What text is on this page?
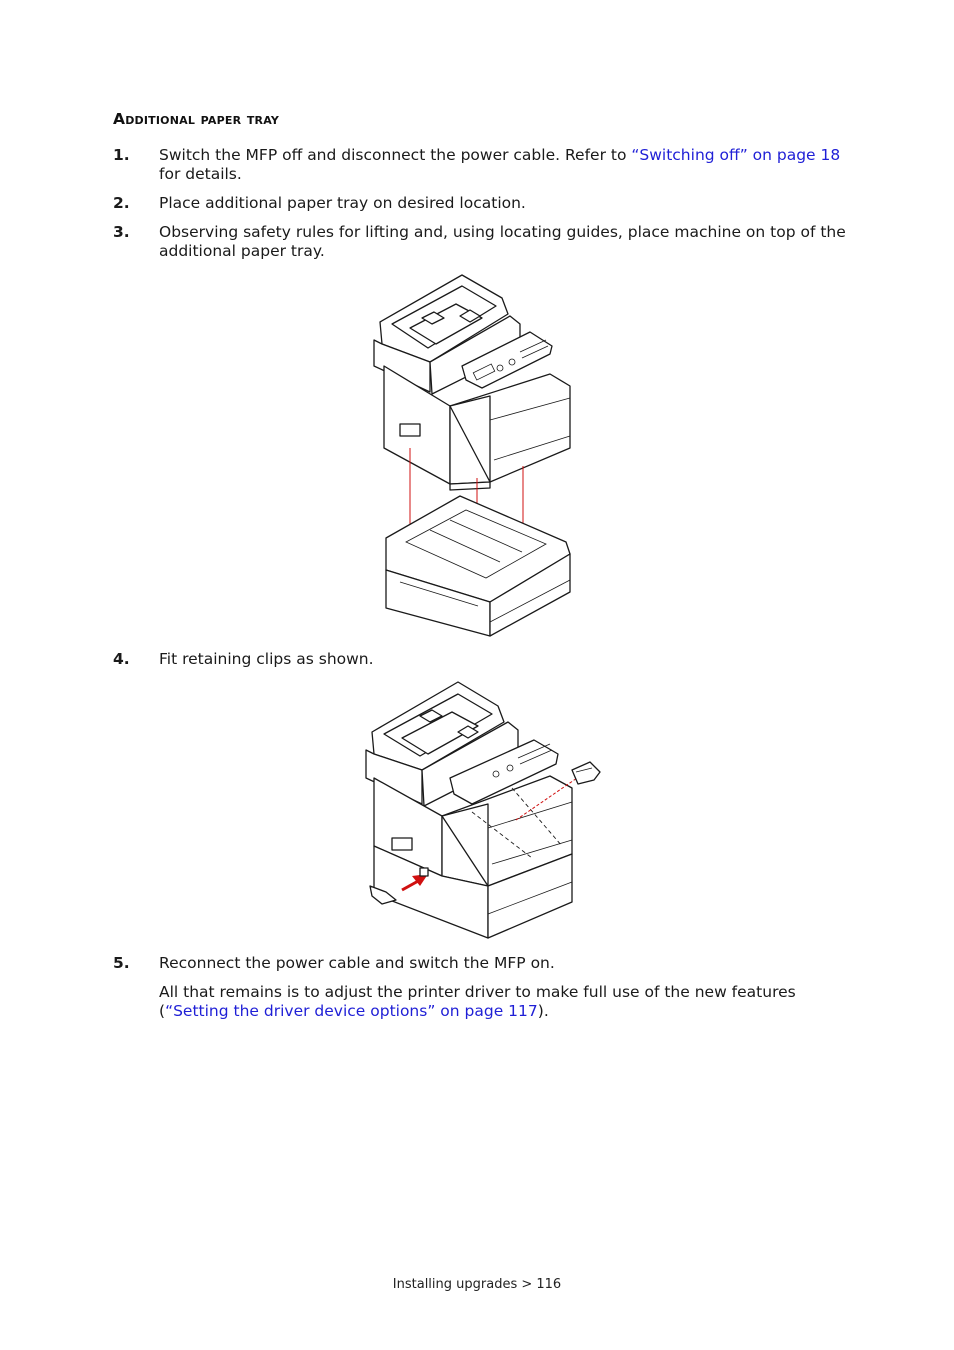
Additional paper tray
1. Switch the MFP off and disconnect the power cable. Refer to “Switching off” on page 18 for details.
2. Place additional paper tray on desired location.
3. Observing safety rules for lifting and, using locating guides, place machine on top of the additional paper tray.
4. Fit retaining clips as shown.
5. Reconnect the power cable and switch the MFP on.
All that remains is to adjust the printer driver to make full use of the new features (“Setting the driver device options” on page 117).
Installing upgrades > 116
